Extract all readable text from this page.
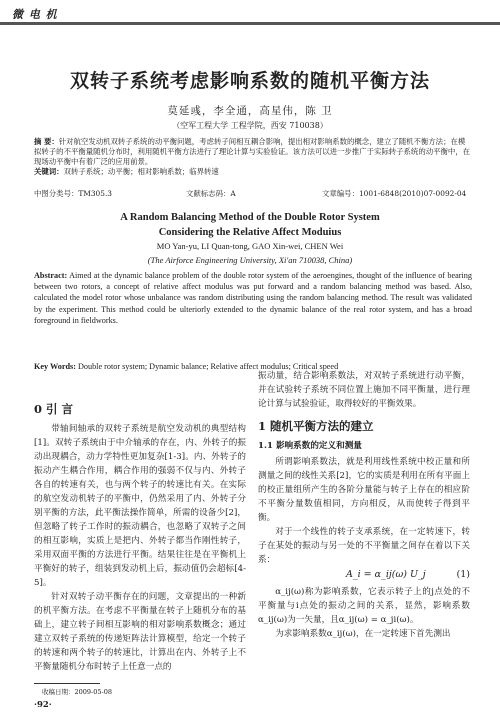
微 电 机
双转子系统考虑影响系数的随机平衡方法
莫延彧，李全通，高星伟，陈 卫
（空军工程大学 工程学院，西安 710038）
摘 要：针对航空发动机双转子系统的动平衡问题，考虑转子间相互耦合影响，提出相对影响系数的概念，建立了随机不衡方法；在模拟转子的不平衡量随机分布时，利用随机平衡方法进行了理论计算与实验验证。该方法可以进一步推广于实际转子系统的动平衡中，在现场动平衡中有着广泛的应用前景。
关键词：双转子系统；动平衡；相对影响系数；临界转速
中图分类号：TM305.3	文献标志码：A	文章编号：1001-6848(2010)07-0092-04
A Random Balancing Method of the Double Rotor System
Considering the Relative Affect Moduius
MO Yan-yu, LI Quan-tong, GAO Xin-wei, CHEN Wei
(The Airforce Engineering University, Xi'an 710038, China)
Abstract: Aimed at the dynamic balance problem of the double rotor system of the aeroengines, thought of the influence of bearing between two rotors, a concept of relative affect modulus was put forward and a random balancing method was based. Also, calculated the model rotor whose unbalance was random distributing using the random balancing method. The result was validated by the experiment. This method could be ulteriorly extended to the dynamic balance of the real rotor system, and has a broad foreground in fieldworks.
Key Words: Double rotor system; Dynamic balance; Relative affect modulus; Critical speed
0 引 言

带轴间轴承的双转子系统是航空发动机的典型结构[1]。双转子系统由于中介轴承的存在，内、外转子的振动出现耦合，动力学特性更加复杂[1-3]。内、外转子的振动产生耦合作用，耦合作用的强弱不仅与内、外转子各自的转速有关，也与两个转子的转速比有关。在实际的航空发动机转子的平衡中，仍然采用了内、外转子分别平衡的方法，此平衡法操作简单，所需的设备少[2]，但忽略了转子工作时的振动耦合，也忽略了双转子之间的相互影响，实质上是把内、外转子都当作刚性转子，采用双面平衡的方法进行平衡。结果往往是在平衡机上平衡好的转子，组装到发动机上后，振动值仍会超标[4-5]。

针对双转子动平衡存在的问题，文章提出的一种新的机平衡方法。在考虑不平衡量在转子上随机分布的基础上，建立转子间相互影响的相对影响系数概念；通过建立双转子系统的传递矩阵法计算模型，给定一个转子的转速和两个转子的转速比，计算出在内、外转子上不平衡量随机分布时转子上任意一点的

振动量，结合影响系数法，对双转子系统进行动平衡，并在试验转子系统不同位置上施加不同平衡量，进行理论计算与试验验证，取得较好的平衡效果。

1 随机平衡方法的建立
1.1 影响系数的定义和测量

所谓影响系数法，就是利用线性系统中校正量和所测量之间的线性关系[2]，它的实质是利用在所有平面上的校正量组所产生的各阶分量能与转子上存在的相应阶不平衡分量数值相同，方向相反，从而使转子得到平衡。

对于一个线性的转子支承系统，在一定转速下，转子在某处的振动与另一处的不平衡量之间存在着以下关系：

A_i = α_ij(ω) U_j	(1)

α_ij(ω)称为影响系数，它表示转子上的j点处的不平衡量与i点处的振动之间的关系，显然，影响系数α_ij(ω)为一矢量，且α_ij(ω) = α_ji(ω)。

为求影响系数α_ij(ω)，在一定转速下首先测出

收稿日期：2009-05-08
·92·
